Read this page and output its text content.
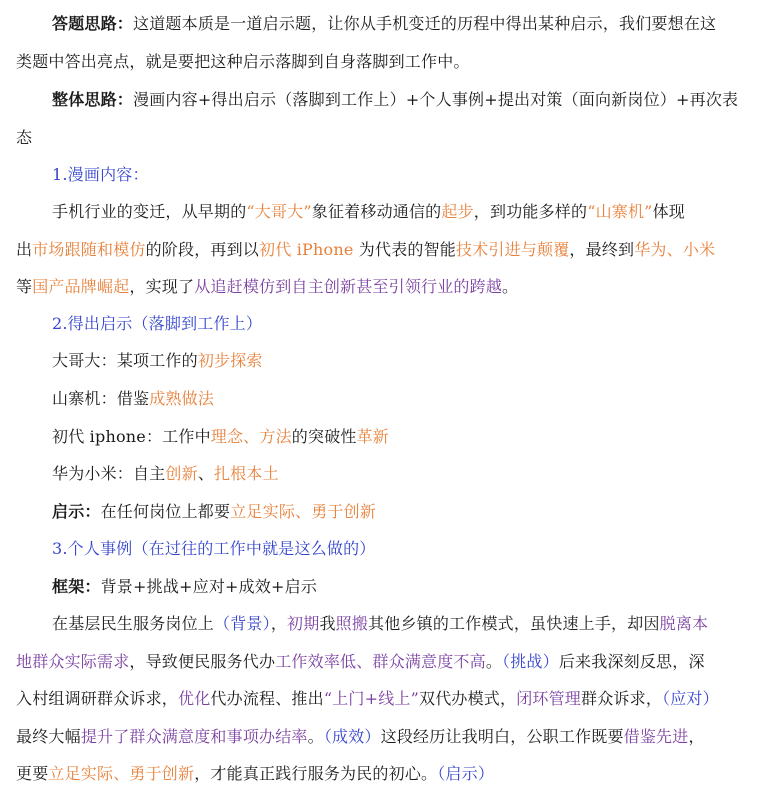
答题思路：这道题本质是一道启示题，让你从手机变迁的历程中得出某种启示，我们要想在这
类题中答出亮点，就是要把这种启示落脚到自身落脚到工作中。
整体思路：漫画内容+得出启示（落脚到工作上）+个人事例+提出对策（面向新岗位）+再次表
态
1.漫画内容：
手机行业的变迁，从早期的“大哥大”象征着移动通信的起步，到功能多样的“山寨机”体现
出市场跟随和模仿的阶段，再到以初代 iPhone 为代表的智能技术引进与颠覆，最终到华为、小米
等国产品牌崛起，实现了从追赶模仿到自主创新甚至引领行业的跨越。
2.得出启示（落脚到工作上）
大哥大：某项工作的初步探索
山寨机：借鉴成熟做法
初代 iphone：工作中理念、方法的突破性革新
华为小米：自主创新、扎根本土
启示：在任何岗位上都要立足实际、勇于创新
3.个人事例（在过往的工作中就是这么做的）
框架：背景+挑战+应对+成效+启示
在基层民生服务岗位上（背景），初期我照搬其他乡镇的工作模式，虽快速上手，却因脱离本
地群众实际需求，导致便民服务代办工作效率低、群众满意度不高。（挑战）后来我深刻反思，深
入村组调研群众诉求，优化代办流程、推出“上门+线上”双代办模式，闭环管理群众诉求，（应对）
最终大幅提升了群众满意度和事项办结率。（成效）这段经历让我明白，公职工作既要借鉴先进，
更要立足实际、勇于创新，才能真正践行服务为民的初心。（启示）
